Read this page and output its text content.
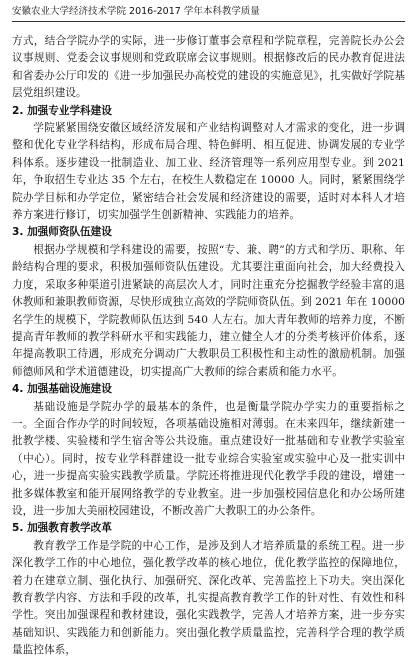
安徽农业大学经济技术学院 2016-2017 学年本科教学质量

方式，结合学院办学的实际，进一步修订董事会章程和学院章程，完善院长办公会议事规则、党委会议事规则和党政联席会议事规则。根据修改后的民办教育促进法和省委办公厅印发的《进一步加强民办高校党的建设的实施意见》，扎实做好学院基层党组织建设。

2. 加强专业学科建设

学院紧紧围绕安徽区域经济发展和产业结构调整对人才需求的变化，进一步调整和优化专业学科结构，形成布局合理、特色鲜明、相互促进、协调发展的专业学科体系。逐步建设一批制造业、加工业、经济管理等一系列应用型专业。到 2021 年，争取招生专业达 35 个左右，在校生人数稳定在 10000 人。同时，紧紧围绕学院办学目标和办学定位，紧密结合社会发展和经济建设的需要，适时对本科人才培养方案进行修订，切实加强学生创新精神、实践能力的培养。

3. 加强师资队伍建设

根据办学规模和学科建设的需要，按照“专、兼、聘”的方式和学历、职称、年龄结构合理的要求，积极加强师资队伍建设。尤其要注重面向社会，加大经费投入力度，采取多种渠道引进紧缺的高层次人才，同时注重充分挖掘教学经验丰富的退休教师和兼职教师资源，尽快形成独立高效的学院师资队伍。到 2021 年在 10000 名学生的规模下，学院教师队伍达到 540 人左右。加大青年教师的培养力度，不断提高青年教师的教学科研水平和实践能力，建立健全人才的分类考核评价体系，逐年提高教职工待遇，形成充分调动广大教职员工积极性和主动性的激励机制。加强师德师风和学术道德建设，切实提高广大教师的综合素质和能力水平。

4. 加强基础设施建设

基础设施是学院办学的最基本的条件，也是衡量学院办学实力的重要指标之一。全面合作办学的时间较短，各项基础设施相对薄弱。在未来四年，继续新建一批教学楼、实验楼和学生宿舍等公共设施。重点建设好一批基础和专业教学实验室（中心）。同时，按专业学科群建设一批专业综合实验室或实验中心及一批实训中心，进一步提高实验实践教学质量。学院还将推进现代化教学手段的建设，增建一批多媒体教室和能开展网络教学的专业教室。进一步加强校园信息化和办公场所建设，进一步加大美丽校园建设，不断改善广大教职工的办公条件。

5. 加强教育教学改革

教育教学工作是学院的中心工作，是涉及到人才培养质量的系统工程。进一步深化教学工作的中心地位，强化教学改革的核心地位，优化教学监控的保障地位，着力在建章立制、强化执行、加强研究、深化改革、完善监控上下功夫。突出深化教育教学内容、方法和手段的改革，扎实提高教育教学工作的针对性、有效性和科学性。突出加强课程和教材建设，强化实践教学，完善人才培养方案，进一步夯实基础知识、实践能力和创新能力。突出强化教学质量监控，完善科学合理的教学质量监控体系，
